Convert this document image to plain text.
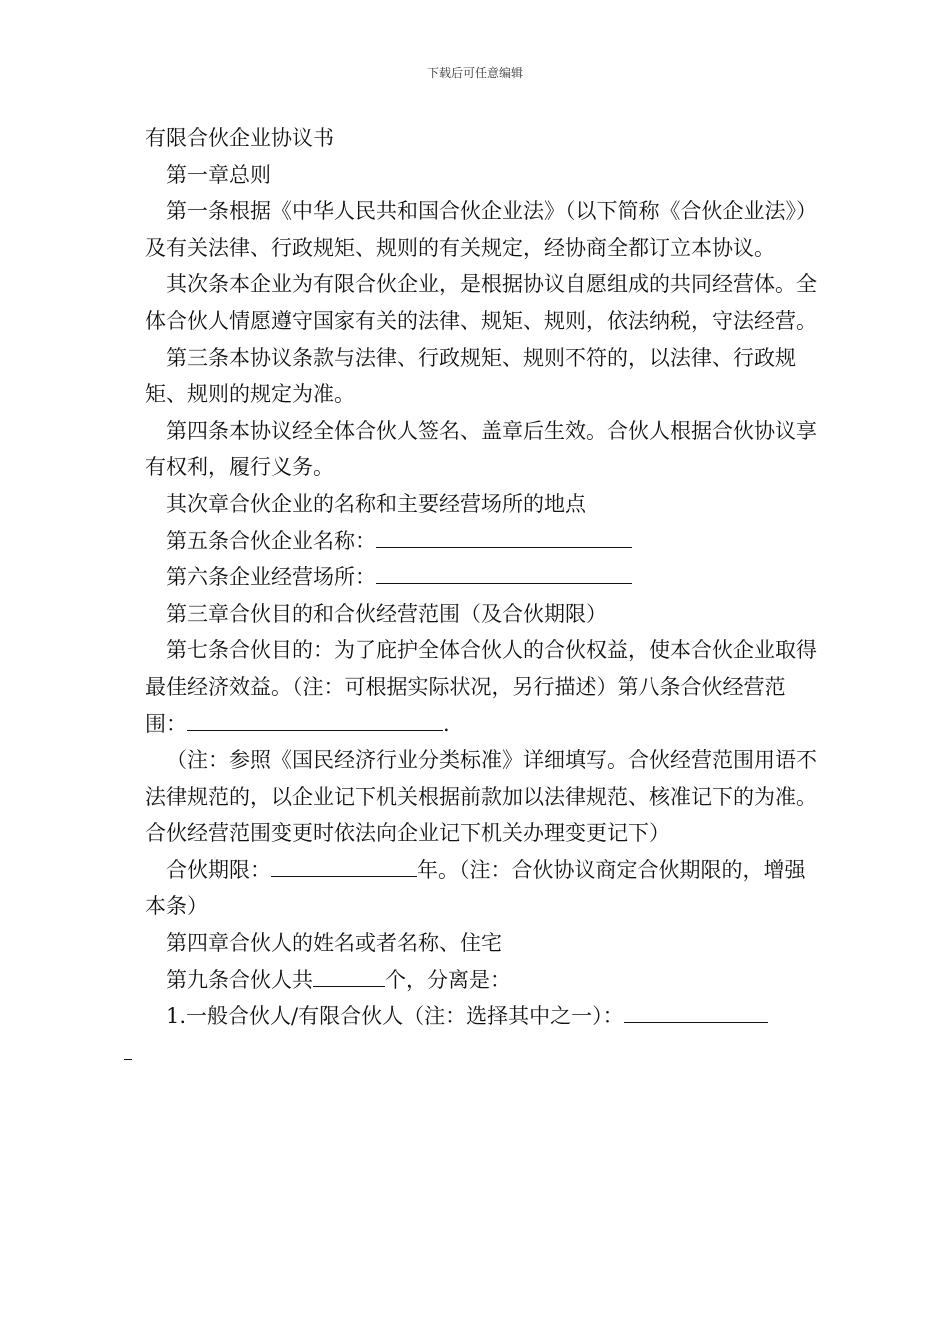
下载后可任意编辑

有限合伙企业协议书

第一章总则

第一条根据《中华人民共和国合伙企业法》（以下简称《合伙企业法》）及有关法律、行政规矩、规则的有关规定，经协商全都订立本协议。

其次条本企业为有限合伙企业，是根据协议自愿组成的共同经营体。全体合伙人情愿遵守国家有关的法律、规矩、规则，依法纳税，守法经营。

第三条本协议条款与法律、行政规矩、规则不符的，以法律、行政规矩、规则的规定为准。

第四条本协议经全体合伙人签名、盖章后生效。合伙人根据合伙协议享有权利，履行义务。

其次章合伙企业的名称和主要经营场所的地点

第五条合伙企业名称：

第六条企业经营场所：

第三章合伙目的和合伙经营范围（及合伙期限）

第七条合伙目的：为了庇护全体合伙人的合伙权益，使本合伙企业取得最佳经济效益。（注：可根据实际状况，另行描述）第八条合伙经营范围：	.

（注：参照《国民经济行业分类标准》详细填写。合伙经营范围用语不法律规范的，以企业记下机关根据前款加以法律规范、核准记下的为准。合伙经营范围变更时依法向企业记下机关办理变更记下）

合伙期限：	年。（注：合伙协议商定合伙期限的，增强本条）

第四章合伙人的姓名或者名称、住宅

第九条合伙人共	个，分离是：

1.一般合伙人/有限合伙人（注：选择其中之一）：
